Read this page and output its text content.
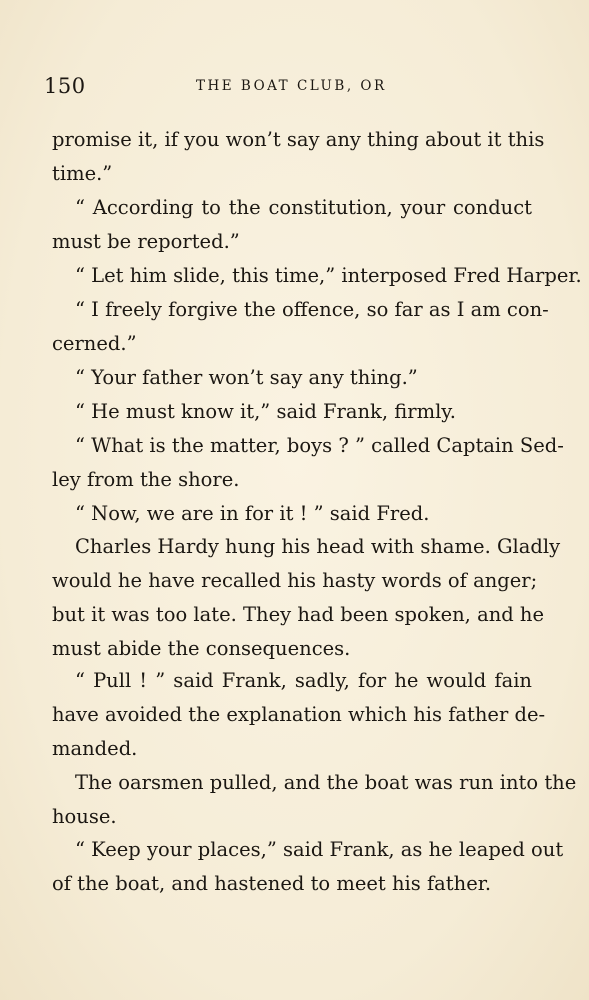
150	THE BOAT CLUB, OR
promise it, if you won’t say any thing about it this
time.”
“ According to the constitution, your conduct
must be reported.”
“ Let him slide, this time,” interposed Fred Harper.
“ I freely forgive the offence, so far as I am con-
cerned.”
“ Your father won’t say any thing.”
“ He must know it,” said Frank, firmly.
“ What is the matter, boys ? ” called Captain Sed-
ley from the shore.
“ Now, we are in for it ! ” said Fred.
Charles Hardy hung his head with shame. Gladly
would he have recalled his hasty words of anger;
but it was too late. They had been spoken, and he
must abide the consequences.
“ Pull ! ” said Frank, sadly, for he would fain
have avoided the explanation which his father de-
manded.
The oarsmen pulled, and the boat was run into the
house.
“ Keep your places,” said Frank, as he leaped out
of the boat, and hastened to meet his father.
